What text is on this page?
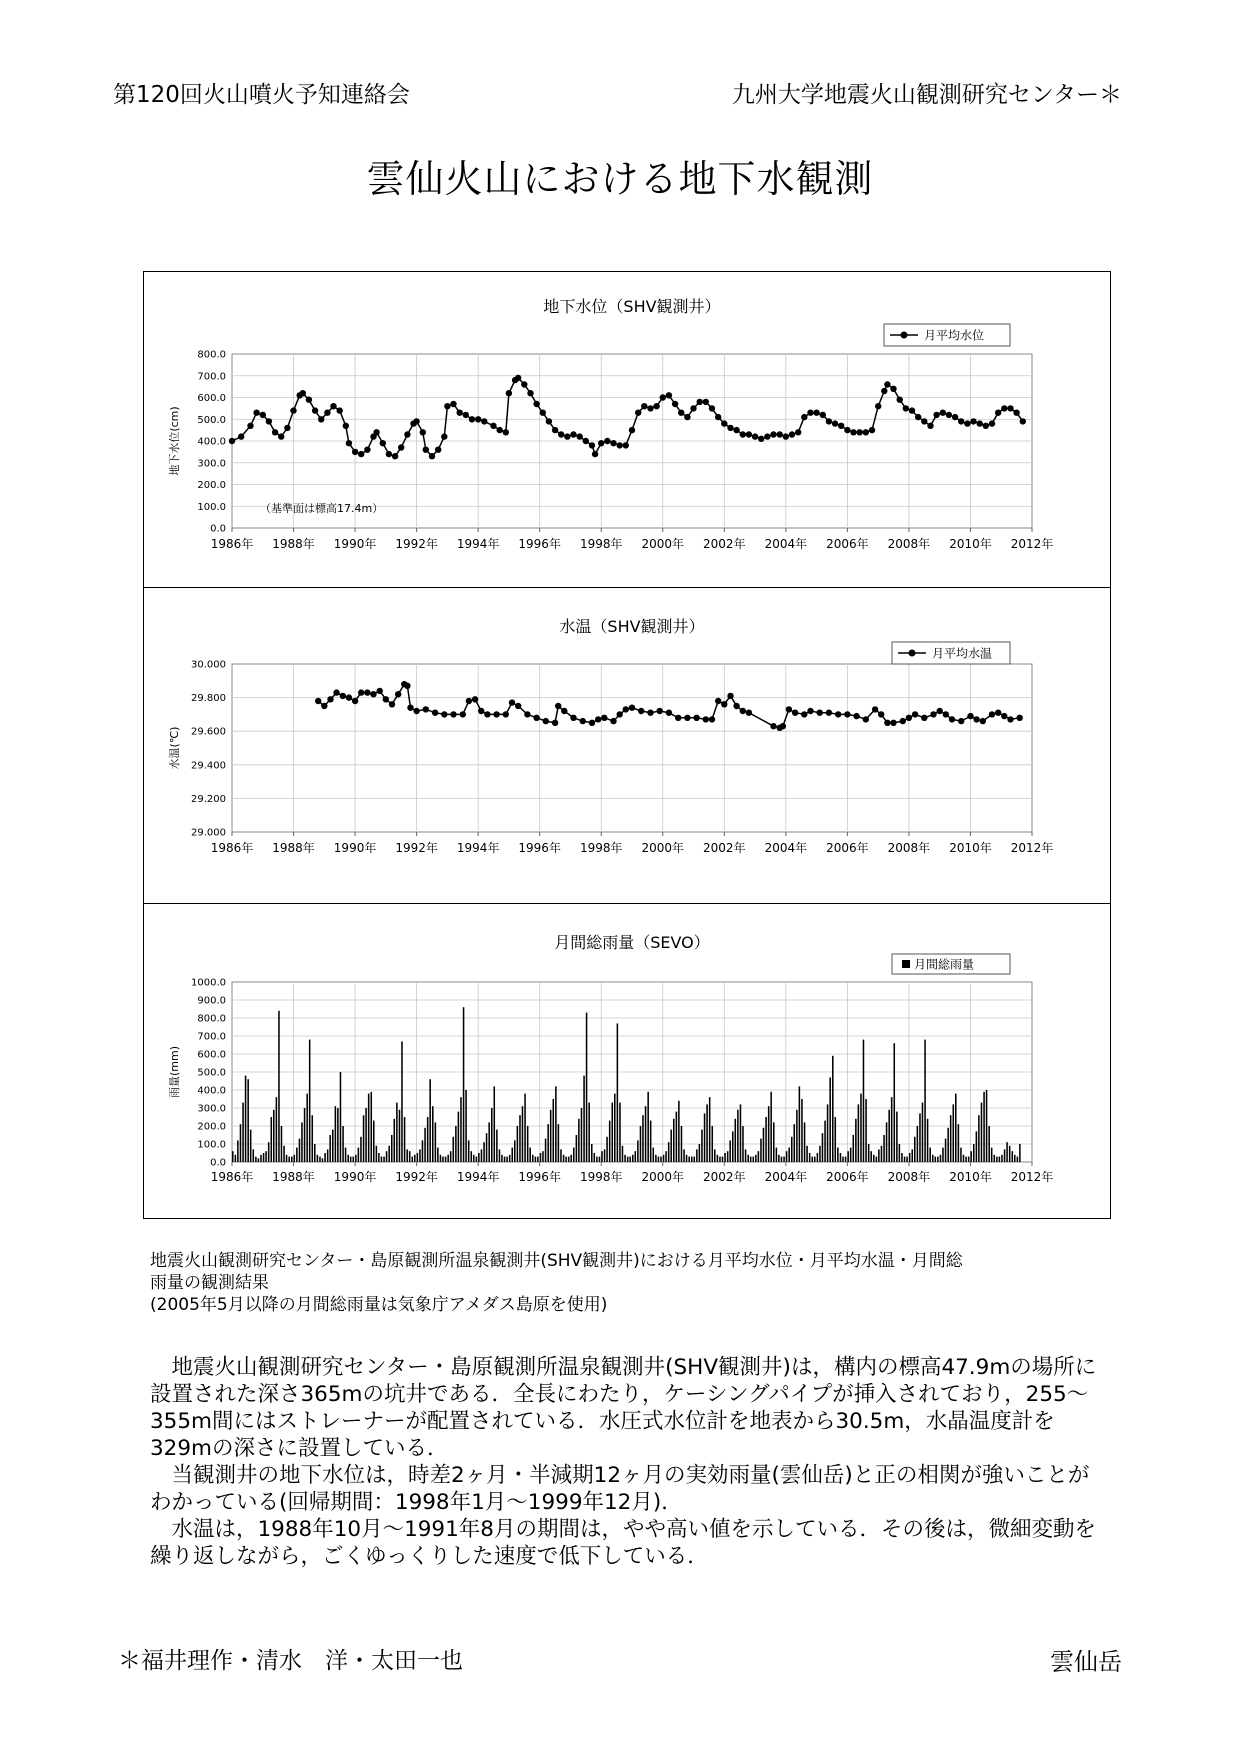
第120回火山噴火予知連絡会	九州大学地震火山観測研究センター＊
雲仙火山における地下水観測
地下水位（SHV観測井）
0.0
100.0
200.0
300.0
400.0
500.0
600.0
700.0
800.0
1986年 1988年 1990年 1992年 1994年 1996年 1998年 2000年 2002年 2004年 2006年 2008年 2010年 2012年
地下水位(cm)
月平均水位
（基準面は標高17.4m）
水温（SHV観測井）
29.000
29.200
29.400
29.600
29.800
30.000
1986年 1988年 1990年 1992年 1994年 1996年 1998年 2000年 2002年 2004年 2006年 2008年 2010年 2012年
水温(℃)
月平均水温
月間総雨量（SEVO）
0.0
100.0
200.0
300.0
400.0
500.0
600.0
700.0
800.0
900.0
1000.0
1986年 1988年 1990年 1992年 1994年 1996年 1998年 2000年 2002年 2004年 2006年 2008年 2010年 2012年
雨量(mm)
月間総雨量

地震火山観測研究センター・島原観測所温泉観測井(SHV観測井)における月平均水位・月平均水温・月間総

雨量の観測結果

(2005年5月以降の月間総雨量は気象庁アメダス島原を使用)

地震火山観測研究センター・島原観測所温泉観測井(SHV観測井)は，構内の標高47.9mの場所に設置された深さ365mの坑井である．全長にわたり，ケーシングパイプが挿入されており，255～355m間にはストレーナーが配置されている．水圧式水位計を地表から30.5m，水晶温度計を329mの深さに設置している．

当観測井の地下水位は，時差2ヶ月・半減期12ヶ月の実効雨量(雲仙岳)と正の相関が強いことがわかっている(回帰期間：1998年1月～1999年12月)．

水温は，1988年10月～1991年8月の期間は，やや高い値を示している．その後は，微細変動を繰り返しながら，ごくゆっくりした速度で低下している．

＊福井理作・清水　洋・太田一也	雲仙岳
